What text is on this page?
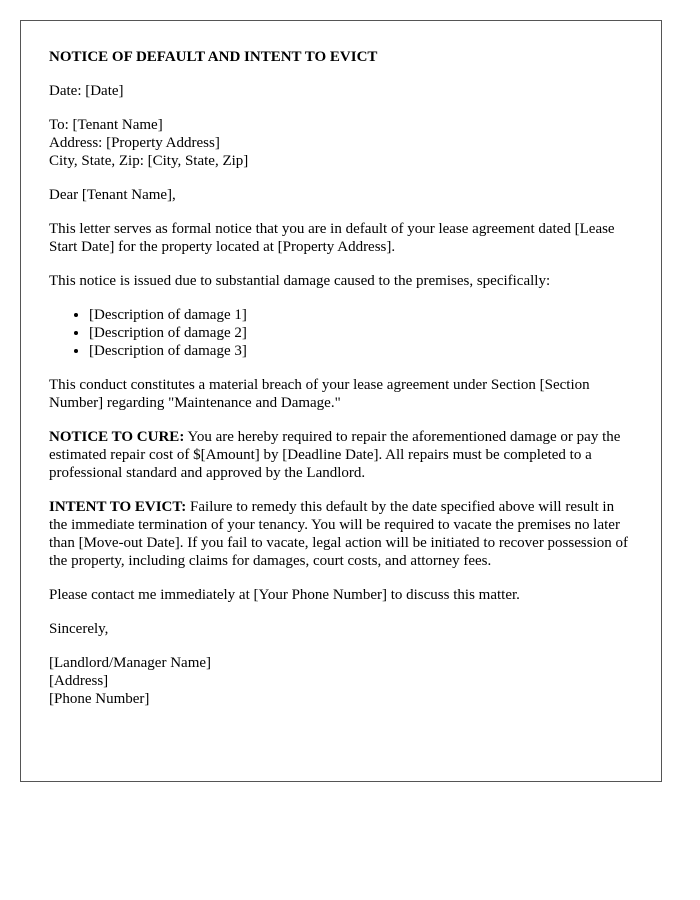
NOTICE OF DEFAULT AND INTENT TO EVICT

Date: [Date]

To: [Tenant Name]
Address: [Property Address]
City, State, Zip: [City, State, Zip]

Dear [Tenant Name],

This letter serves as formal notice that you are in default of your lease agreement dated [Lease Start Date] for the property located at [Property Address].

This notice is issued due to substantial damage caused to the premises, specifically:

• [Description of damage 1]
• [Description of damage 2]
• [Description of damage 3]

This conduct constitutes a material breach of your lease agreement under Section [Section Number] regarding "Maintenance and Damage."

NOTICE TO CURE: You are hereby required to repair the aforementioned damage or pay the estimated repair cost of $[Amount] by [Deadline Date]. All repairs must be completed to a professional standard and approved by the Landlord.

INTENT TO EVICT: Failure to remedy this default by the date specified above will result in the immediate termination of your tenancy. You will be required to vacate the premises no later than [Move-out Date]. If you fail to vacate, legal action will be initiated to recover possession of the property, including claims for damages, court costs, and attorney fees.

Please contact me immediately at [Your Phone Number] to discuss this matter.

Sincerely,

[Landlord/Manager Name]
[Address]
[Phone Number]
